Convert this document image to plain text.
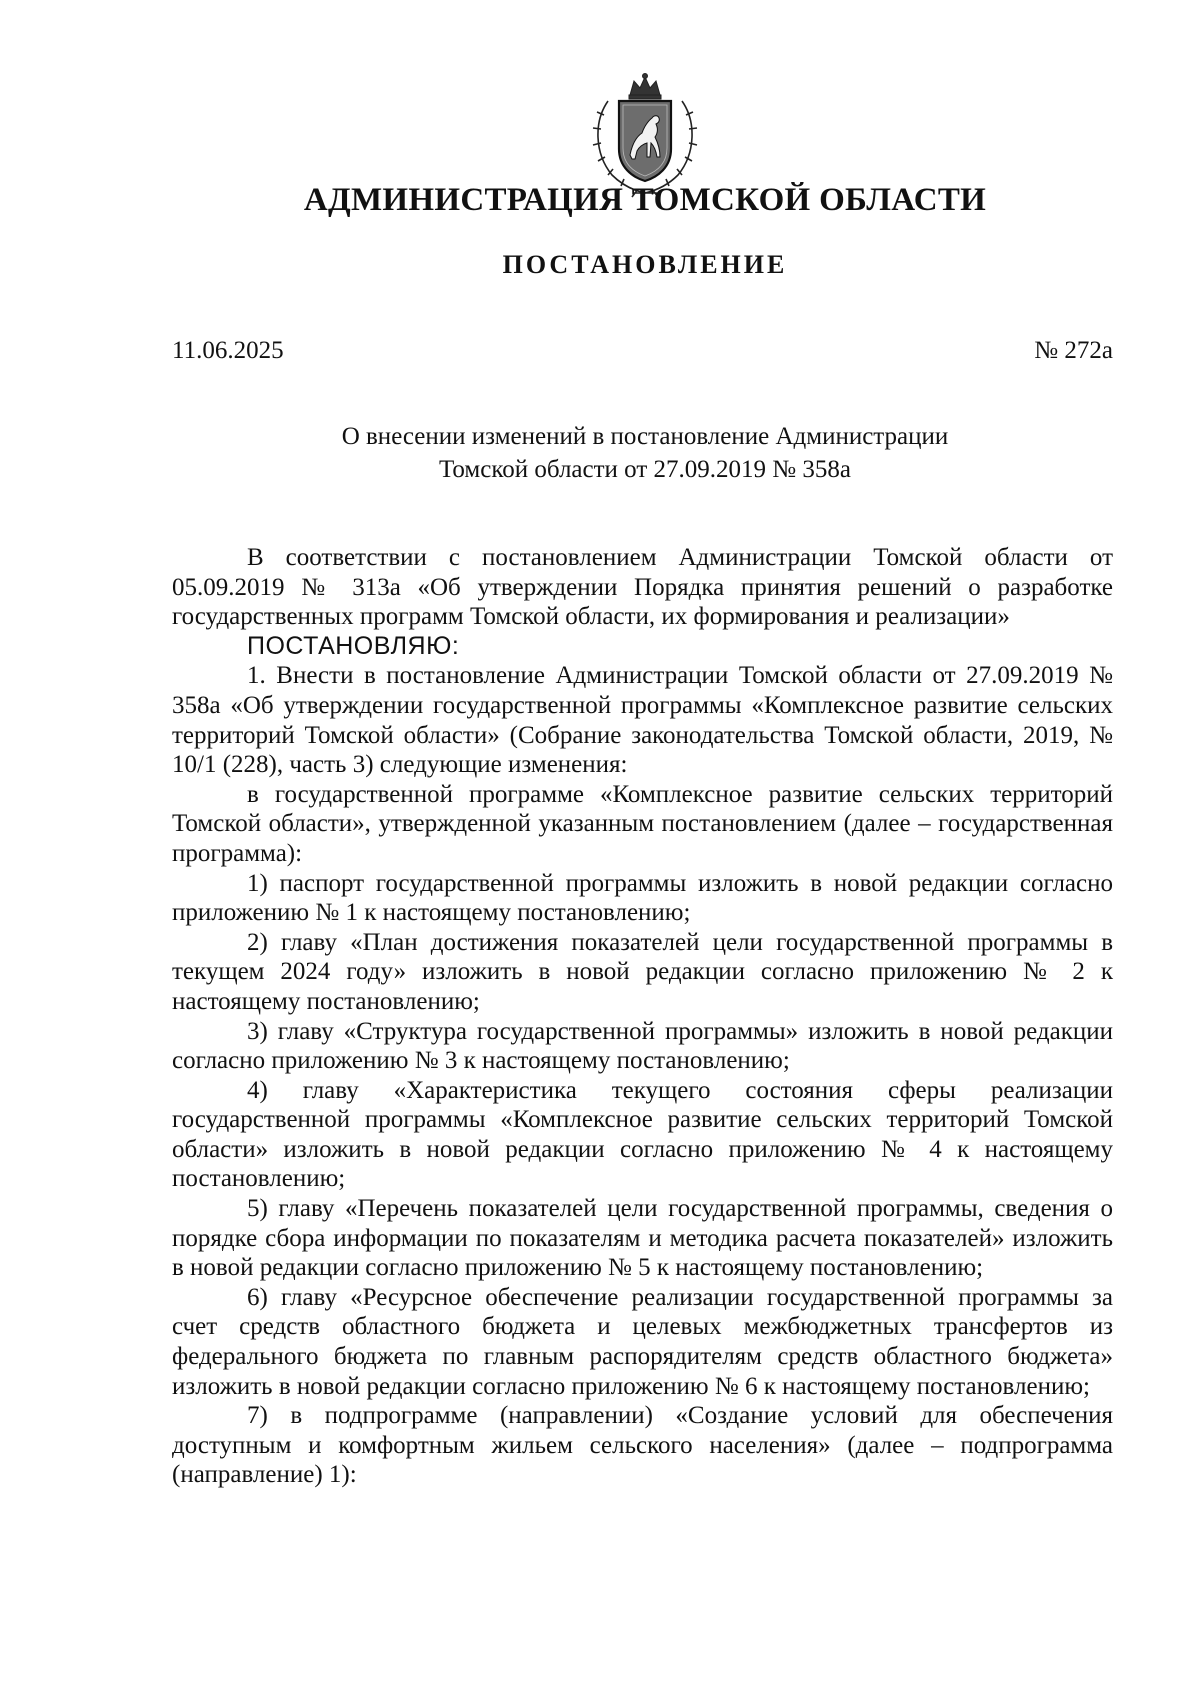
АДМИНИСТРАЦИЯ ТОМСКОЙ ОБЛАСТИ
ПОСТАНОВЛЕНИЕ
11.06.2025	№ 272а
О внесении изменений в постановление Администрации
Томской области от 27.09.2019 № 358а

В соответствии с постановлением Администрации Томской области от 05.09.2019 № 313а «Об утверждении Порядка принятия решений о разработке государственных программ Томской области, их формирования и реализации»

ПОСТАНОВЛЯЮ:

1. Внести в постановление Администрации Томской области от 27.09.2019 № 358а «Об утверждении государственной программы «Комплексное развитие сельских территорий Томской области» (Собрание законодательства Томской области, 2019, № 10/1 (228), часть 3) следующие изменения:

в государственной программе «Комплексное развитие сельских территорий Томской области», утвержденной указанным постановлением (далее – государственная программа):

1) паспорт государственной программы изложить в новой редакции согласно приложению № 1 к настоящему постановлению;

2) главу «План достижения показателей цели государственной программы в текущем 2024 году» изложить в новой редакции согласно приложению № 2 к настоящему постановлению;

3) главу «Структура государственной программы» изложить в новой редакции согласно приложению № 3 к настоящему постановлению;

4) главу «Характеристика текущего состояния сферы реализации государственной программы «Комплексное развитие сельских территорий Томской области» изложить в новой редакции согласно приложению № 4 к настоящему постановлению;

5) главу «Перечень показателей цели государственной программы, сведения о порядке сбора информации по показателям и методика расчета показателей» изложить в новой редакции согласно приложению № 5 к настоящему постановлению;

6) главу «Ресурсное обеспечение реализации государственной программы за счет средств областного бюджета и целевых межбюджетных трансфертов из федерального бюджета по главным распорядителям средств областного бюджета» изложить в новой редакции согласно приложению № 6 к настоящему постановлению;

7) в подпрограмме (направлении) «Создание условий для обеспечения доступным и комфортным жильем сельского населения» (далее – подпрограмма (направление) 1):
